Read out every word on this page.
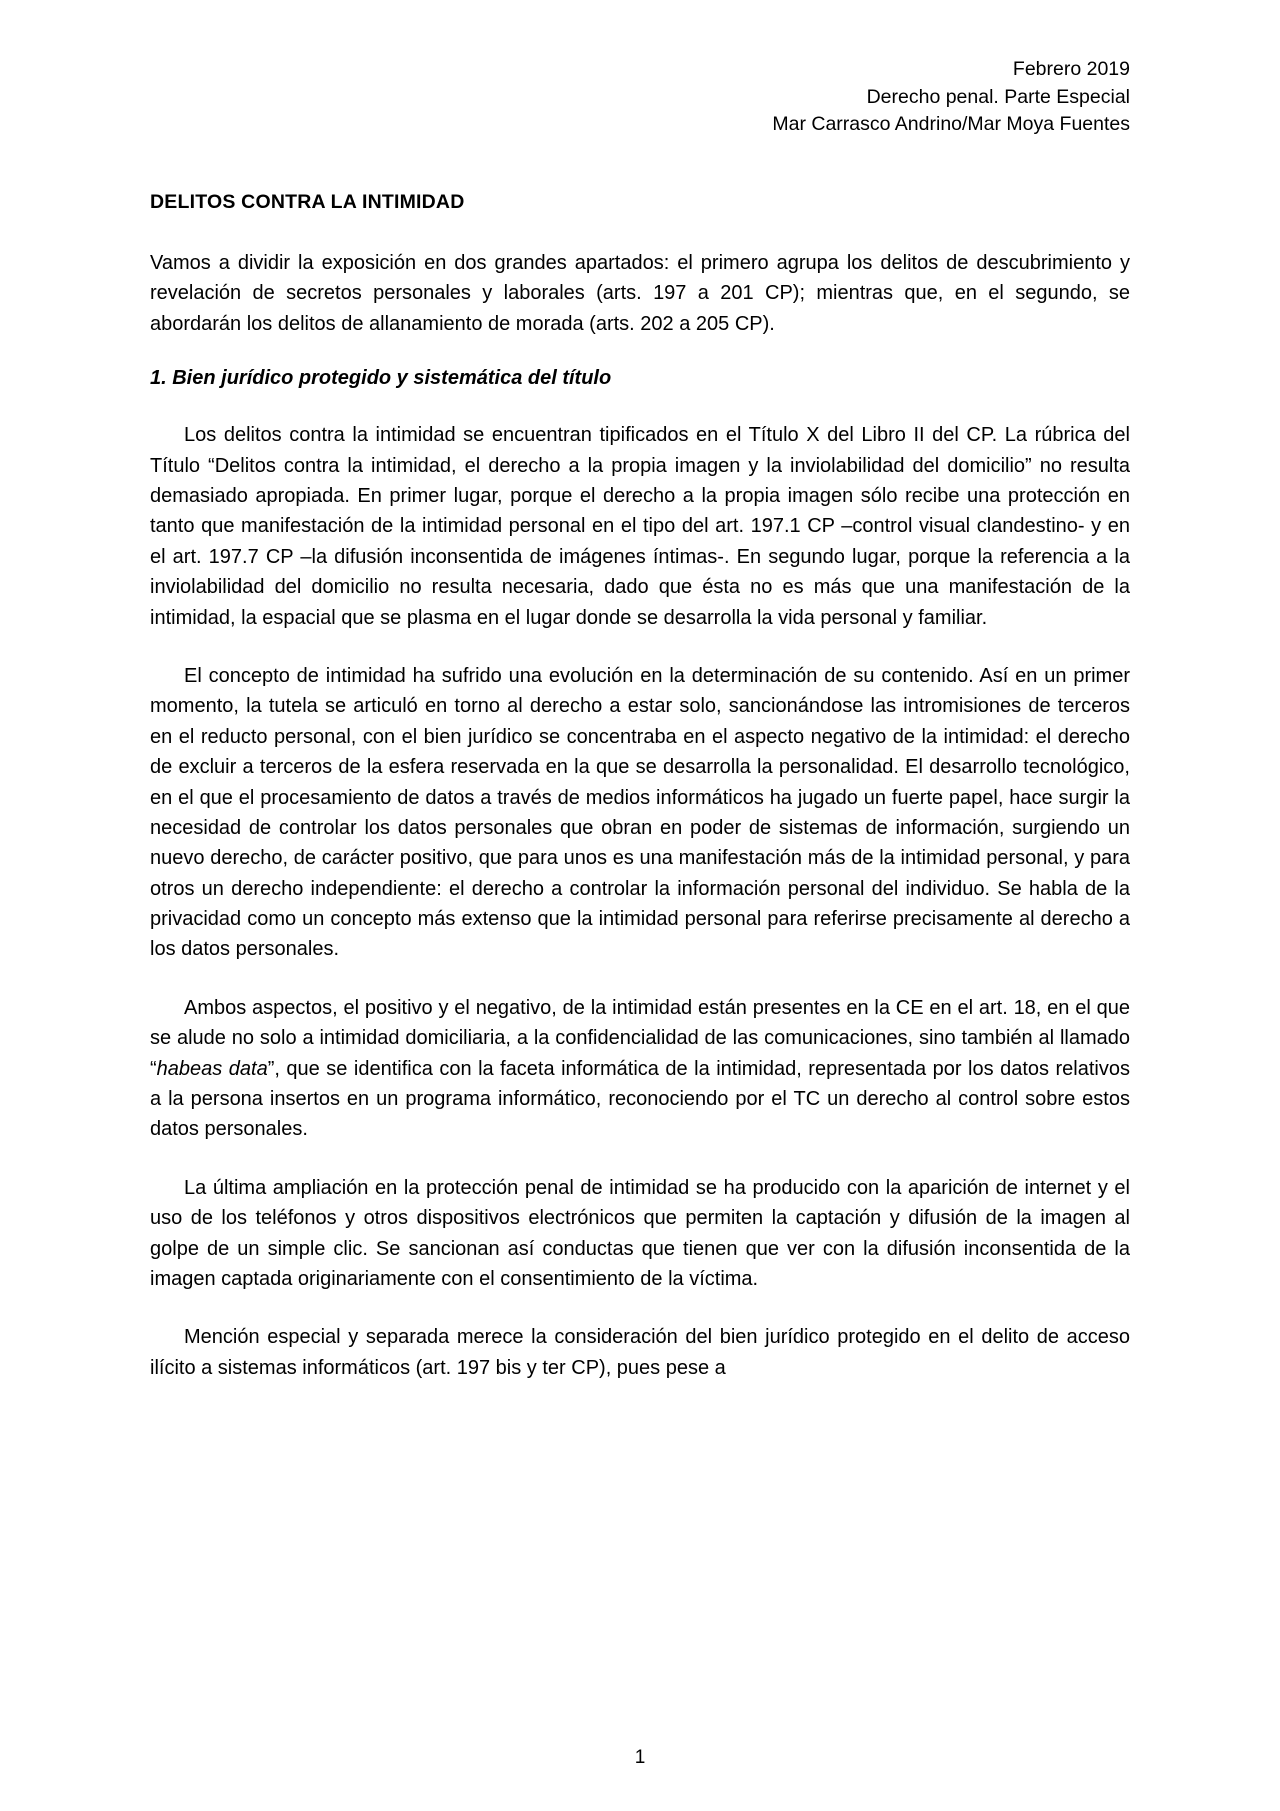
Febrero 2019
Derecho penal. Parte Especial
Mar Carrasco Andrino/Mar Moya Fuentes
DELITOS CONTRA LA INTIMIDAD

Vamos a dividir la exposición en dos grandes apartados: el primero agrupa los delitos de descubrimiento y revelación de secretos personales y laborales (arts. 197 a 201 CP); mientras que, en el segundo, se abordarán los delitos de allanamiento de morada (arts. 202 a 205 CP).

1. Bien jurídico protegido y sistemática del título

Los delitos contra la intimidad se encuentran tipificados en el Título X del Libro II del CP. La rúbrica del Título “Delitos contra la intimidad, el derecho a la propia imagen y la inviolabilidad del domicilio” no resulta demasiado apropiada. En primer lugar, porque el derecho a la propia imagen sólo recibe una protección en tanto que manifestación de la intimidad personal en el tipo del art. 197.1 CP –control visual clandestino- y en el art. 197.7 CP –la difusión inconsentida de imágenes íntimas-. En segundo lugar, porque la referencia a la inviolabilidad del domicilio no resulta necesaria, dado que ésta no es más que una manifestación de la intimidad, la espacial que se plasma en el lugar donde se desarrolla la vida personal y familiar.

El concepto de intimidad ha sufrido una evolución en la determinación de su contenido. Así en un primer momento, la tutela se articuló en torno al derecho a estar solo, sancionándose las intromisiones de terceros en el reducto personal, con el bien jurídico se concentraba en el aspecto negativo de la intimidad: el derecho de excluir a terceros de la esfera reservada en la que se desarrolla la personalidad. El desarrollo tecnológico, en el que el procesamiento de datos a través de medios informáticos ha jugado un fuerte papel, hace surgir la necesidad de controlar los datos personales que obran en poder de sistemas de información, surgiendo un nuevo derecho, de carácter positivo, que para unos es una manifestación más de la intimidad personal, y para otros un derecho independiente: el derecho a controlar la información personal del individuo. Se habla de la privacidad como un concepto más extenso que la intimidad personal para referirse precisamente al derecho a los datos personales.

Ambos aspectos, el positivo y el negativo, de la intimidad están presentes en la CE en el art. 18, en el que se alude no solo a intimidad domiciliaria, a la confidencialidad de las comunicaciones, sino también al llamado “habeas data”, que se identifica con la faceta informática de la intimidad, representada por los datos relativos a la persona insertos en un programa informático, reconociendo por el TC un derecho al control sobre estos datos personales.

La última ampliación en la protección penal de intimidad se ha producido con la aparición de internet y el uso de los teléfonos y otros dispositivos electrónicos que permiten la captación y difusión de la imagen al golpe de un simple clic. Se sancionan así conductas que tienen que ver con la difusión inconsentida de la imagen captada originariamente con el consentimiento de la víctima.

Mención especial y separada merece la consideración del bien jurídico protegido en el delito de acceso ilícito a sistemas informáticos (art. 197 bis y ter CP), pues pese a

1
